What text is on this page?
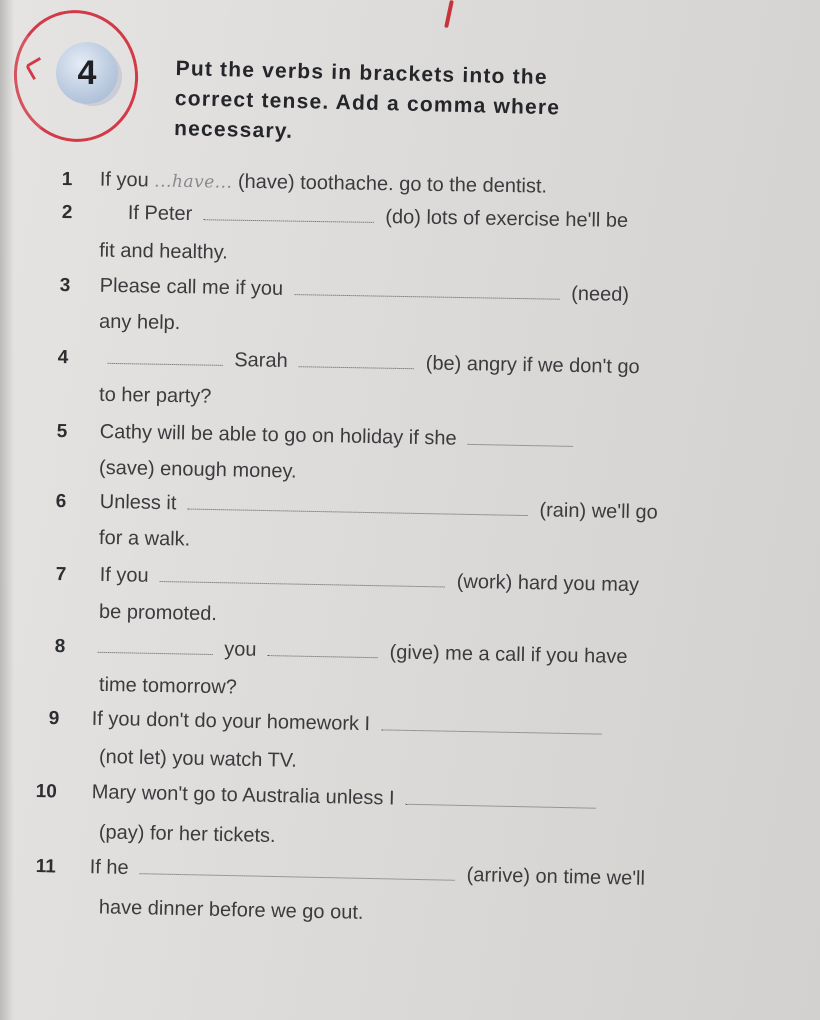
4	Put the verbs in brackets into the
correct tense. Add a comma where
necessary.
1 If you ...have... (have) toothache. go to the dentist.
2	If Peter	(do) lots of exercise he'll be
fit and healthy.
3 Please call me if you	(need)
any help.
4	Sarah	(be) angry if we don't go
to her party?
5 Cathy will be able to go on holiday if she
(save) enough money.
6 Unless it	(rain) we'll go
for a walk.
7 If you	(work) hard you may
be promoted.
8	you	(give) me a call if you have
time tomorrow?
9 If you don't do your homework I
(not let) you watch TV.
10 Mary won't go to Australia unless I
(pay) for her tickets.
11 If he	(arrive) on time we'll
have dinner before we go out.
